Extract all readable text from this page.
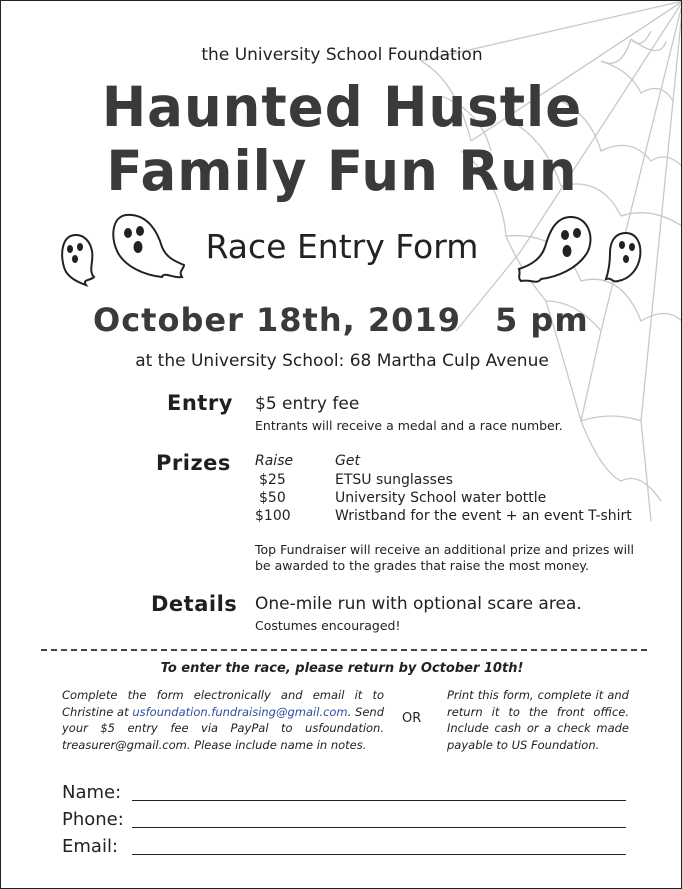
the University School Foundation
Haunted Hustle
Family Fun Run
Race Entry Form
October 18th, 2019 5 pm
at the University School: 68 Martha Culp Avenue
Entry $5 entry fee
Entrants will receive a medal and a race number.
Prizes Raise	Get
$25	ETSU sunglasses
$50	University School water bottle
$100	Wristband for the event + an event T-shirt
Top Fundraiser will receive an additional prize and prizes will
be awarded to the grades that raise the most money.
Details One-mile run with optional scare area.
Costumes encouraged!
To enter the race, please return by October 10th!
Complete the form electronically and email it to Christine at usfoundation.fundraising@gmail.com. Send your $5 entry fee via PayPal to usfoundation. treasurer@gmail.com. Please include name in notes.
OR
Print this form, complete it and return it to the front office. Include cash or a check made payable to US Foundation.
Name:
Phone:
Email:
